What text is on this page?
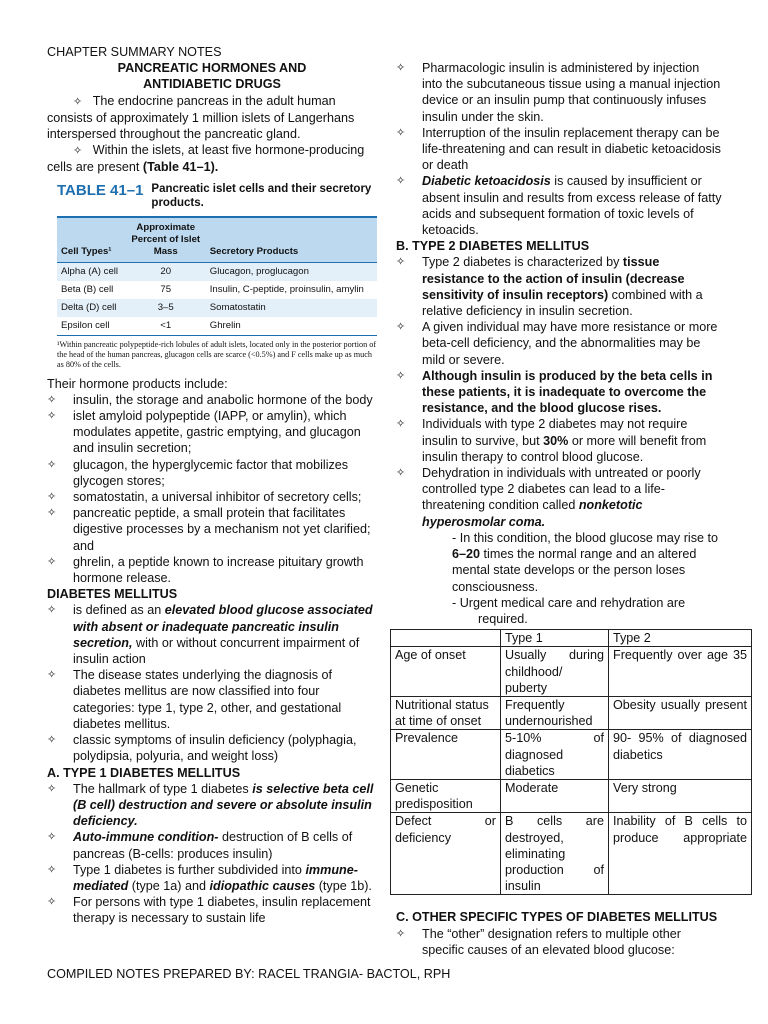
CHAPTER SUMMARY NOTES

PANCREATIC HORMONES AND

ANTIDIABETIC DRUGS

✧ The endocrine pancreas in the adult human consists of approximately 1 million islets of Langerhans interspersed throughout the pancreatic gland.

✧ Within the islets, at least five hormone-producing cells are present (Table 41–1).

TABLE 41–1 Pancreatic islet cells and their secretory products.
Cell Types¹	Approximate Percent of Islet Mass	Secretory Products
Alpha (A) cell	20	Glucagon, proglucagon
Beta (B) cell	75	Insulin, C-peptide, proinsulin, amylin
Delta (D) cell	3–5	Somatostatin
Epsilon cell	<1	Ghrelin

¹Within pancreatic polypeptide-rich lobules of adult islets, located only in the posterior portion of the head of the human pancreas, glucagon cells are scarce (<0.5%) and F cells make up as much as 80% of the cells.

Their hormone products include:

✧	insulin, the storage and anabolic hormone of the body
✧	islet amyloid polypeptide (IAPP, or amylin), which modulates appetite, gastric emptying, and glucagon and insulin secretion;
✧	glucagon, the hyperglycemic factor that mobilizes glycogen stores;
✧	somatostatin, a universal inhibitor of secretory cells;
✧	pancreatic peptide, a small protein that facilitates digestive processes by a mechanism not yet clarified; and
✧	ghrelin, a peptide known to increase pituitary growth hormone release.

DIABETES MELLITUS

✧	is defined as an elevated blood glucose associated with absent or inadequate pancreatic insulin secretion, with or without concurrent impairment of insulin action
✧	The disease states underlying the diagnosis of diabetes mellitus are now classified into four categories: type 1, type 2, other, and gestational diabetes mellitus.
✧	classic symptoms of insulin deficiency (polyphagia, polydipsia, polyuria, and weight loss)

A. TYPE 1 DIABETES MELLITUS

✧	The hallmark of type 1 diabetes is selective beta cell (B cell) destruction and severe or absolute insulin deficiency.
✧	Auto-immune condition- destruction of B cells of pancreas (B-cells: produces insulin)
✧	Type 1 diabetes is further subdivided into immune-mediated (type 1a) and idiopathic causes (type 1b).
✧	For persons with type 1 diabetes, insulin replacement therapy is necessary to sustain life
✧	Pharmacologic insulin is administered by injection into the subcutaneous tissue using a manual injection device or an insulin pump that continuously infuses insulin under the skin.
✧	Interruption of the insulin replacement therapy can be life-threatening and can result in diabetic ketoacidosis or death
✧	Diabetic ketoacidosis is caused by insufficient or absent insulin and results from excess release of fatty acids and subsequent formation of toxic levels of ketoacids.

B. TYPE 2 DIABETES MELLITUS

✧	Type 2 diabetes is characterized by tissue resistance to the action of insulin (decrease sensitivity of insulin receptors) combined with a relative deficiency in insulin secretion.
✧	A given individual may have more resistance or more beta-cell deficiency, and the abnormalities may be mild or severe.
✧	Although insulin is produced by the beta cells in these patients, it is inadequate to overcome the resistance, and the blood glucose rises.
✧	Individuals with type 2 diabetes may not require insulin to survive, but 30% or more will benefit from insulin therapy to control blood glucose.
✧	Dehydration in individuals with untreated or poorly controlled type 2 diabetes can lead to a life-threatening condition called nonketotic hyperosmolar coma.

- In this condition, the blood glucose may rise to 6–20 times the normal range and an altered mental state develops or the person loses consciousness.

- Urgent medical care and rehydration are

required.

	Type 1	Type 2
Age of onset	Usually during childhood/ puberty	Frequently over age 35
Nutritional status at time of onset	Frequently undernourished	Obesity usually present
Prevalence	5-10% of diagnosed diabetics	90- 95% of diagnosed diabetics
Genetic predisposition	Moderate	Very strong
Defect or deficiency	B cells are destroyed, eliminating production of insulin	Inability of B cells to produce appropriate

C. OTHER SPECIFIC TYPES OF DIABETES MELLITUS

✧	The “other” designation refers to multiple other specific causes of an elevated blood glucose:

COMPILED NOTES PREPARED BY: RACEL TRANGIA- BACTOL, RPH
